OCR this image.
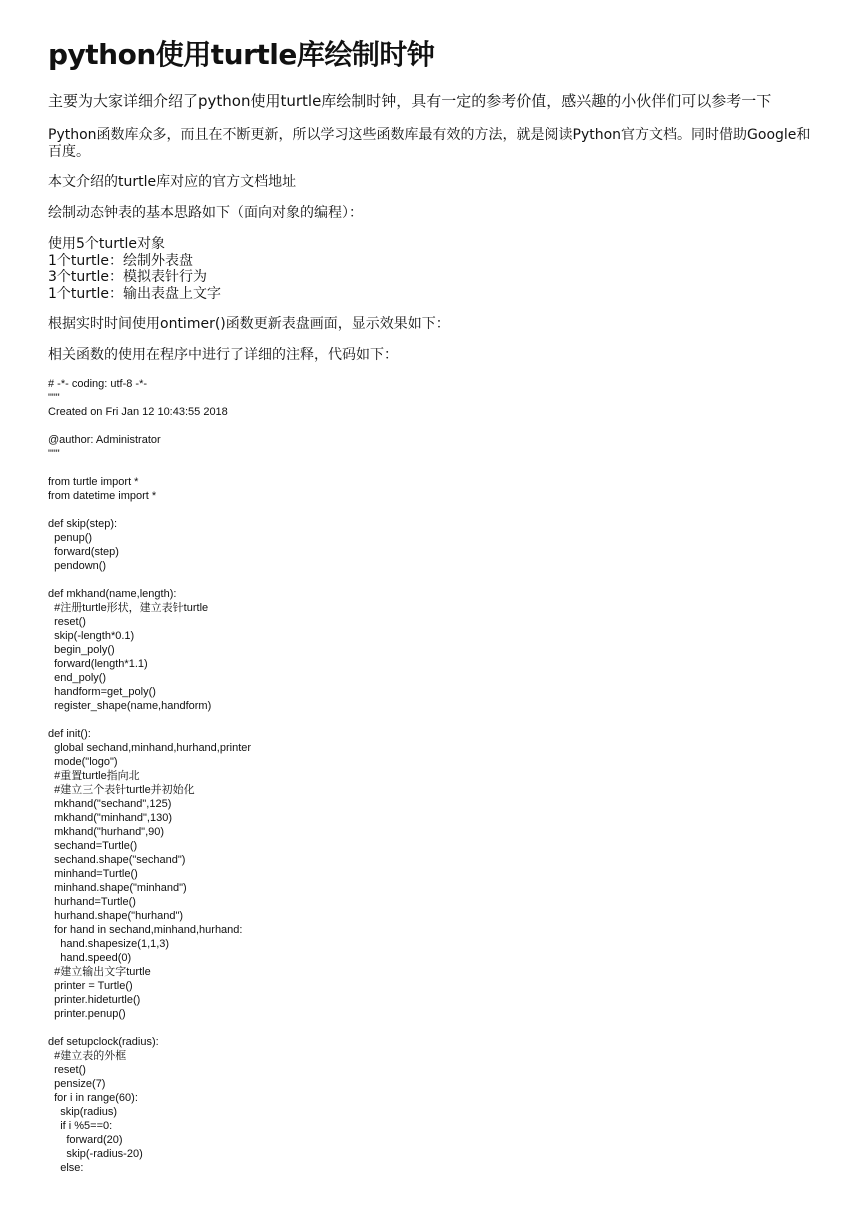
python使用turtle库绘制时钟
主要为大家详细介绍了python使用turtle库绘制时钟，具有一定的参考价值，感兴趣的小伙伴们可以参考一下
Python函数库众多，而且在不断更新，所以学习这些函数库最有效的方法，就是阅读Python官方文档。同时借助Google和百度。
本文介绍的turtle库对应的官方文档地址
绘制动态钟表的基本思路如下（面向对象的编程）：
使用5个turtle对象
1个turtle：绘制外表盘
3个turtle：模拟表针行为
1个turtle：输出表盘上文字
根据实时时间使用ontimer()函数更新表盘画面，显示效果如下：
相关函数的使用在程序中进行了详细的注释，代码如下：
# -*- coding: utf-8 -*-
"""
Created on Fri Jan 12 10:43:55 2018
@author: Administrator
"""
from turtle import *
from datetime import *
def skip(step):
penup()
forward(step)
pendown()
def mkhand(name,length):
#注册turtle形状，建立表针turtle
reset()
skip(-length*0.1)
begin_poly()
forward(length*1.1)
end_poly()
handform=get_poly()
register_shape(name,handform)
def init():
global sechand,minhand,hurhand,printer
mode("logo")
#重置turtle指向北
#建立三个表针turtle并初始化
mkhand("sechand",125)
mkhand("minhand",130)
mkhand("hurhand",90)
sechand=Turtle()
sechand.shape("sechand")
minhand=Turtle()
minhand.shape("minhand")
hurhand=Turtle()
hurhand.shape("hurhand")
for hand in sechand,minhand,hurhand:
hand.shapesize(1,1,3)
hand.speed(0)
#建立输出文字turtle
printer = Turtle()
printer.hideturtle()
printer.penup()
def setupclock(radius):
#建立表的外框
reset()
pensize(7)
for i in range(60):
skip(radius)
if i %5==0:
forward(20)
skip(-radius-20)
else:
